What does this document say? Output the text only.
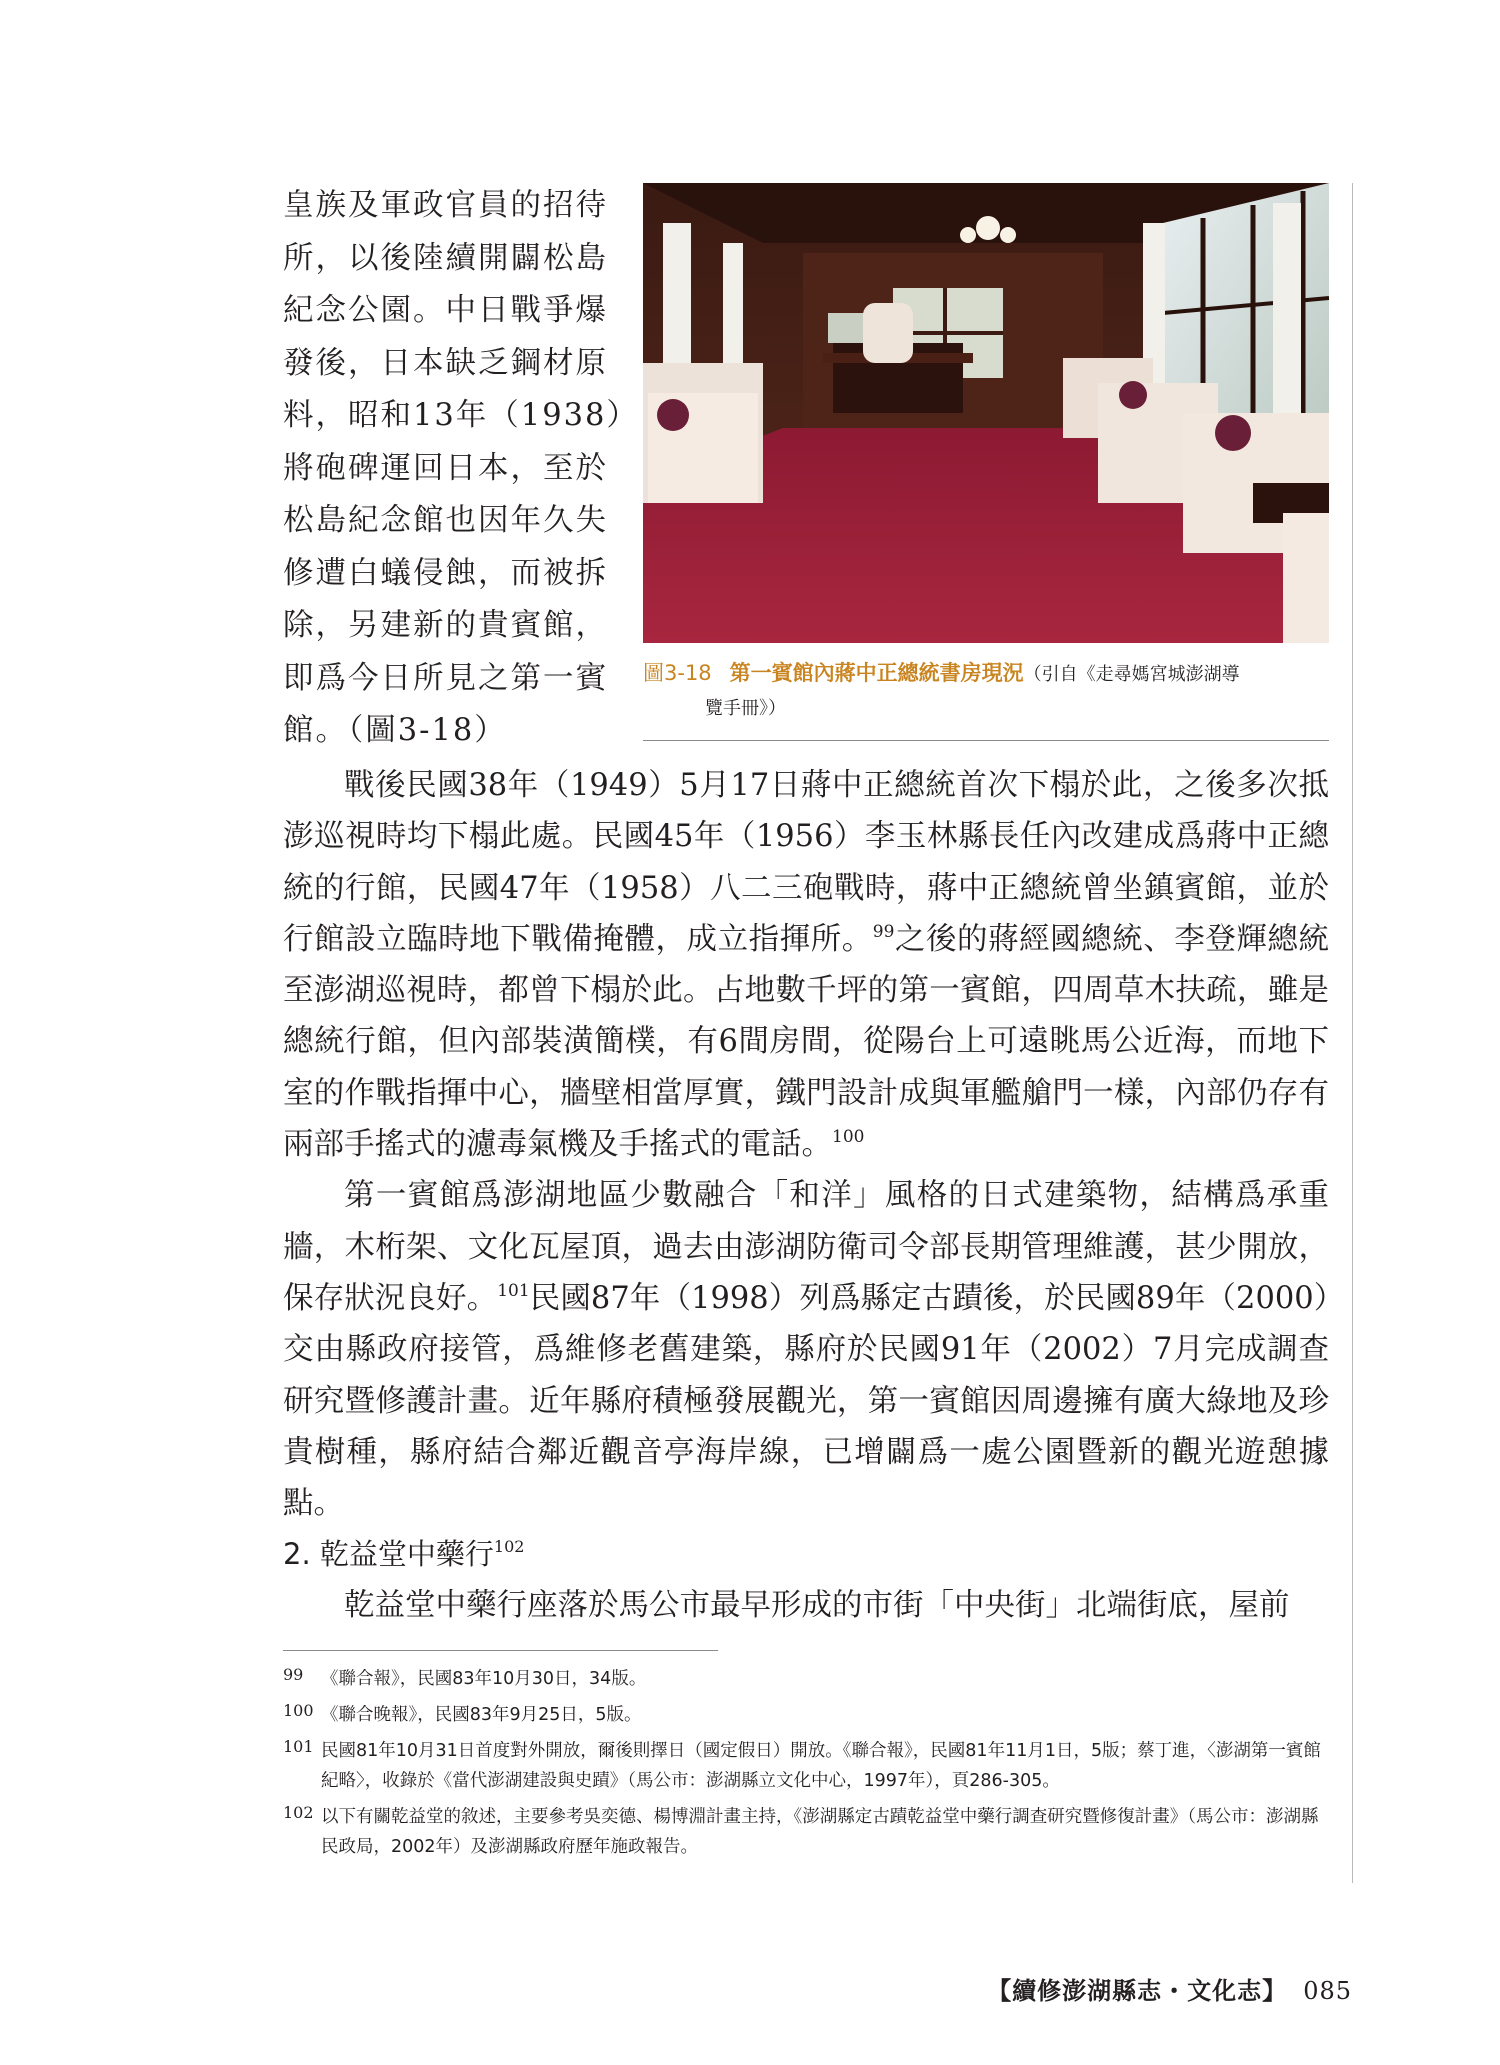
皇族及軍政官員的招待

所，以後陸續開闢松島

紀念公園。中日戰爭爆

發後，日本缺乏鋼材原

料，昭和13年（1938）

將砲碑運回日本，至於

松島紀念館也因年久失

修遭白蟻侵蝕，而被拆

除，另建新的貴賓館，

即爲今日所見之第一賓

館。（圖3-18）

圖3-18 第一賓館內蔣中正總統書房現況（引自《走尋媽宮城澎湖導
覽手冊》）

戰後民國38年（1949）5月17日蔣中正總統首次下榻於此，之後多次抵澎巡視時均下榻此處。民國45年（1956）李玉林縣長任內改建成爲蔣中正總統的行館，民國47年（1958）八二三砲戰時，蔣中正總統曾坐鎮賓館，並於行館設立臨時地下戰備掩體，成立指揮所。$^{99}$之後的蔣經國總統、李登輝總統至澎湖巡視時，都曾下榻於此。占地數千坪的第一賓館，四周草木扶疏，雖是總統行館，但內部裝潢簡樸，有6間房間，從陽台上可遠眺馬公近海，而地下室的作戰指揮中心，牆壁相當厚實，鐵門設計成與軍艦艙門一樣，內部仍存有兩部手搖式的濾毒氣機及手搖式的電話。$^{100}$

第一賓館爲澎湖地區少數融合「和洋」風格的日式建築物，結構爲承重牆，木桁架、文化瓦屋頂，過去由澎湖防衛司令部長期管理維護，甚少開放，保存狀況良好。$^{101}$民國87年（1998）列爲縣定古蹟後，於民國89年（2000）交由縣政府接管，爲維修老舊建築，縣府於民國91年（2002）7月完成調查研究暨修護計畫。近年縣府積極發展觀光，第一賓館因周邊擁有廣大綠地及珍貴樹種，縣府結合鄰近觀音亭海岸線，已增闢爲一處公園暨新的觀光遊憩據點。

2. 乾益堂中藥行$^{102}$

乾益堂中藥行座落於馬公市最早形成的市街「中央街」北端街底，屋前

99 《聯合報》，民國83年10月30日，34版。
100 《聯合晚報》，民國83年9月25日，5版。
101 民國81年10月31日首度對外開放，爾後則擇日（國定假日）開放。《聯合報》，民國81年11月1日，5版；蔡丁進，〈澎湖第一賓館紀略〉，收錄於《當代澎湖建設與史蹟》（馬公市：澎湖縣立文化中心，1997年），頁286-305。
102 以下有關乾益堂的敘述，主要參考吳奕德、楊博淵計畫主持，《澎湖縣定古蹟乾益堂中藥行調查研究暨修復計畫》（馬公市：澎湖縣民政局，2002年）及澎湖縣政府歷年施政報告。
【續修澎湖縣志・文化志】 085
